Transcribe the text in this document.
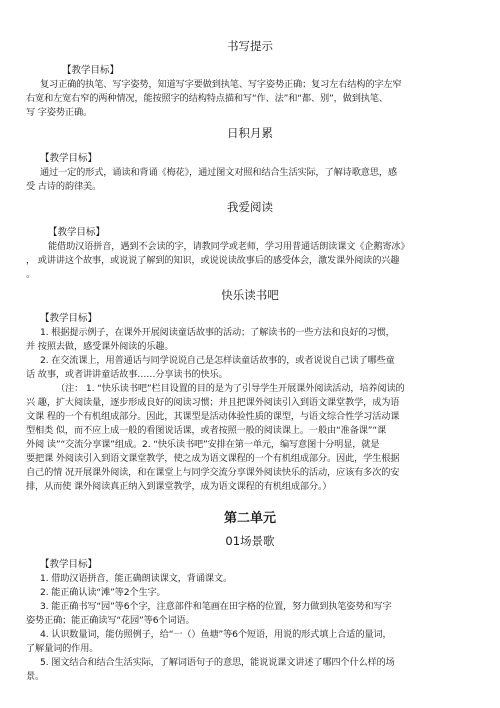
书写提示
【教学目标】
复习正确的执笔、写字姿势，知道写字要做到执笔、写字姿势正确；复习左右结构的字左窄
右宽和左宽右窄的两种情况，能按照字的结构特点描和写“作、法”和“都、别”，做到执笔、
写 字姿势正确。
日积月累
【教学目标】
通过一定的形式，诵读和背诵《梅花》，通过图文对照和结合生活实际，了解诗歌意思，感
受 古诗的韵律美。
我爱阅读
【教学目标】
能借助汉语拼音，遇到不会读的字，请教同学或老师，学习用普通话朗读课文《企鹅寄冰》
， 或讲讲这个故事，或说说了解到的知识，或说说读故事后的感受体会，激发课外阅读的兴趣
。
快乐读书吧
【教学目标】
1. 根据提示例子，在课外开展阅读童话故事的活动；了解读书的一些方法和良好的习惯，
并 按照去做，感受课外阅读的乐趣。
2. 在交流课上，用普通话与同学说说自己是怎样读童话故事的，或者说说自己读了哪些童
话 故事，或者讲讲童话故事……分享读书的快乐。
（注： 1. “快乐读书吧”栏目设置的目的是为了引导学生开展课外阅读活动，培养阅读的
兴 趣，扩大阅读量，逐步形成良好的阅读习惯；并且把课外阅读引入到语文课堂教学，成为语
文课 程的一个有机组成部分。因此，其课型是活动体验性质的课型，与语文综合性学习活动课
型相类 似，而不应上成一般的看图说话课，或者按照一般的阅读课上。一般由“准备课”“课
外阅 读”“交流分享课”组成。2. “快乐读书吧”安排在第一单元，编写意图十分明显，就是
要把课 外阅读引入到语文课堂教学，使之成为语文课程的一个有机组成部分。因此，学生根据
自己的情 况开展课外阅读，和在课堂上与同学交流分享课外阅读快乐的活动，应该有多次的安
排，从而使 课外阅读真正纳入到课堂教学，成为语文课程的有机组成部分。）
第二单元
01场景歌
【教学目标】
1. 借助汉语拼音，能正确朗读课文，背诵课文。
2. 能正确认读“滩”等2个生字。
3. 能正确书写“园”等6个字，注意部件和笔画在田字格的位置，努力做到执笔姿势和写字
姿势正确；能正确读写“花园”等6个词语。
4. 认识数量词，能仿照例子，给“一（）鱼塘”等6个短语，用说的形式填上合适的量词，
了解量词的作用。
5. 图文结合和结合生活实际，了解词语句子的意思，能说说课文讲述了哪四个什么样的场
景。
